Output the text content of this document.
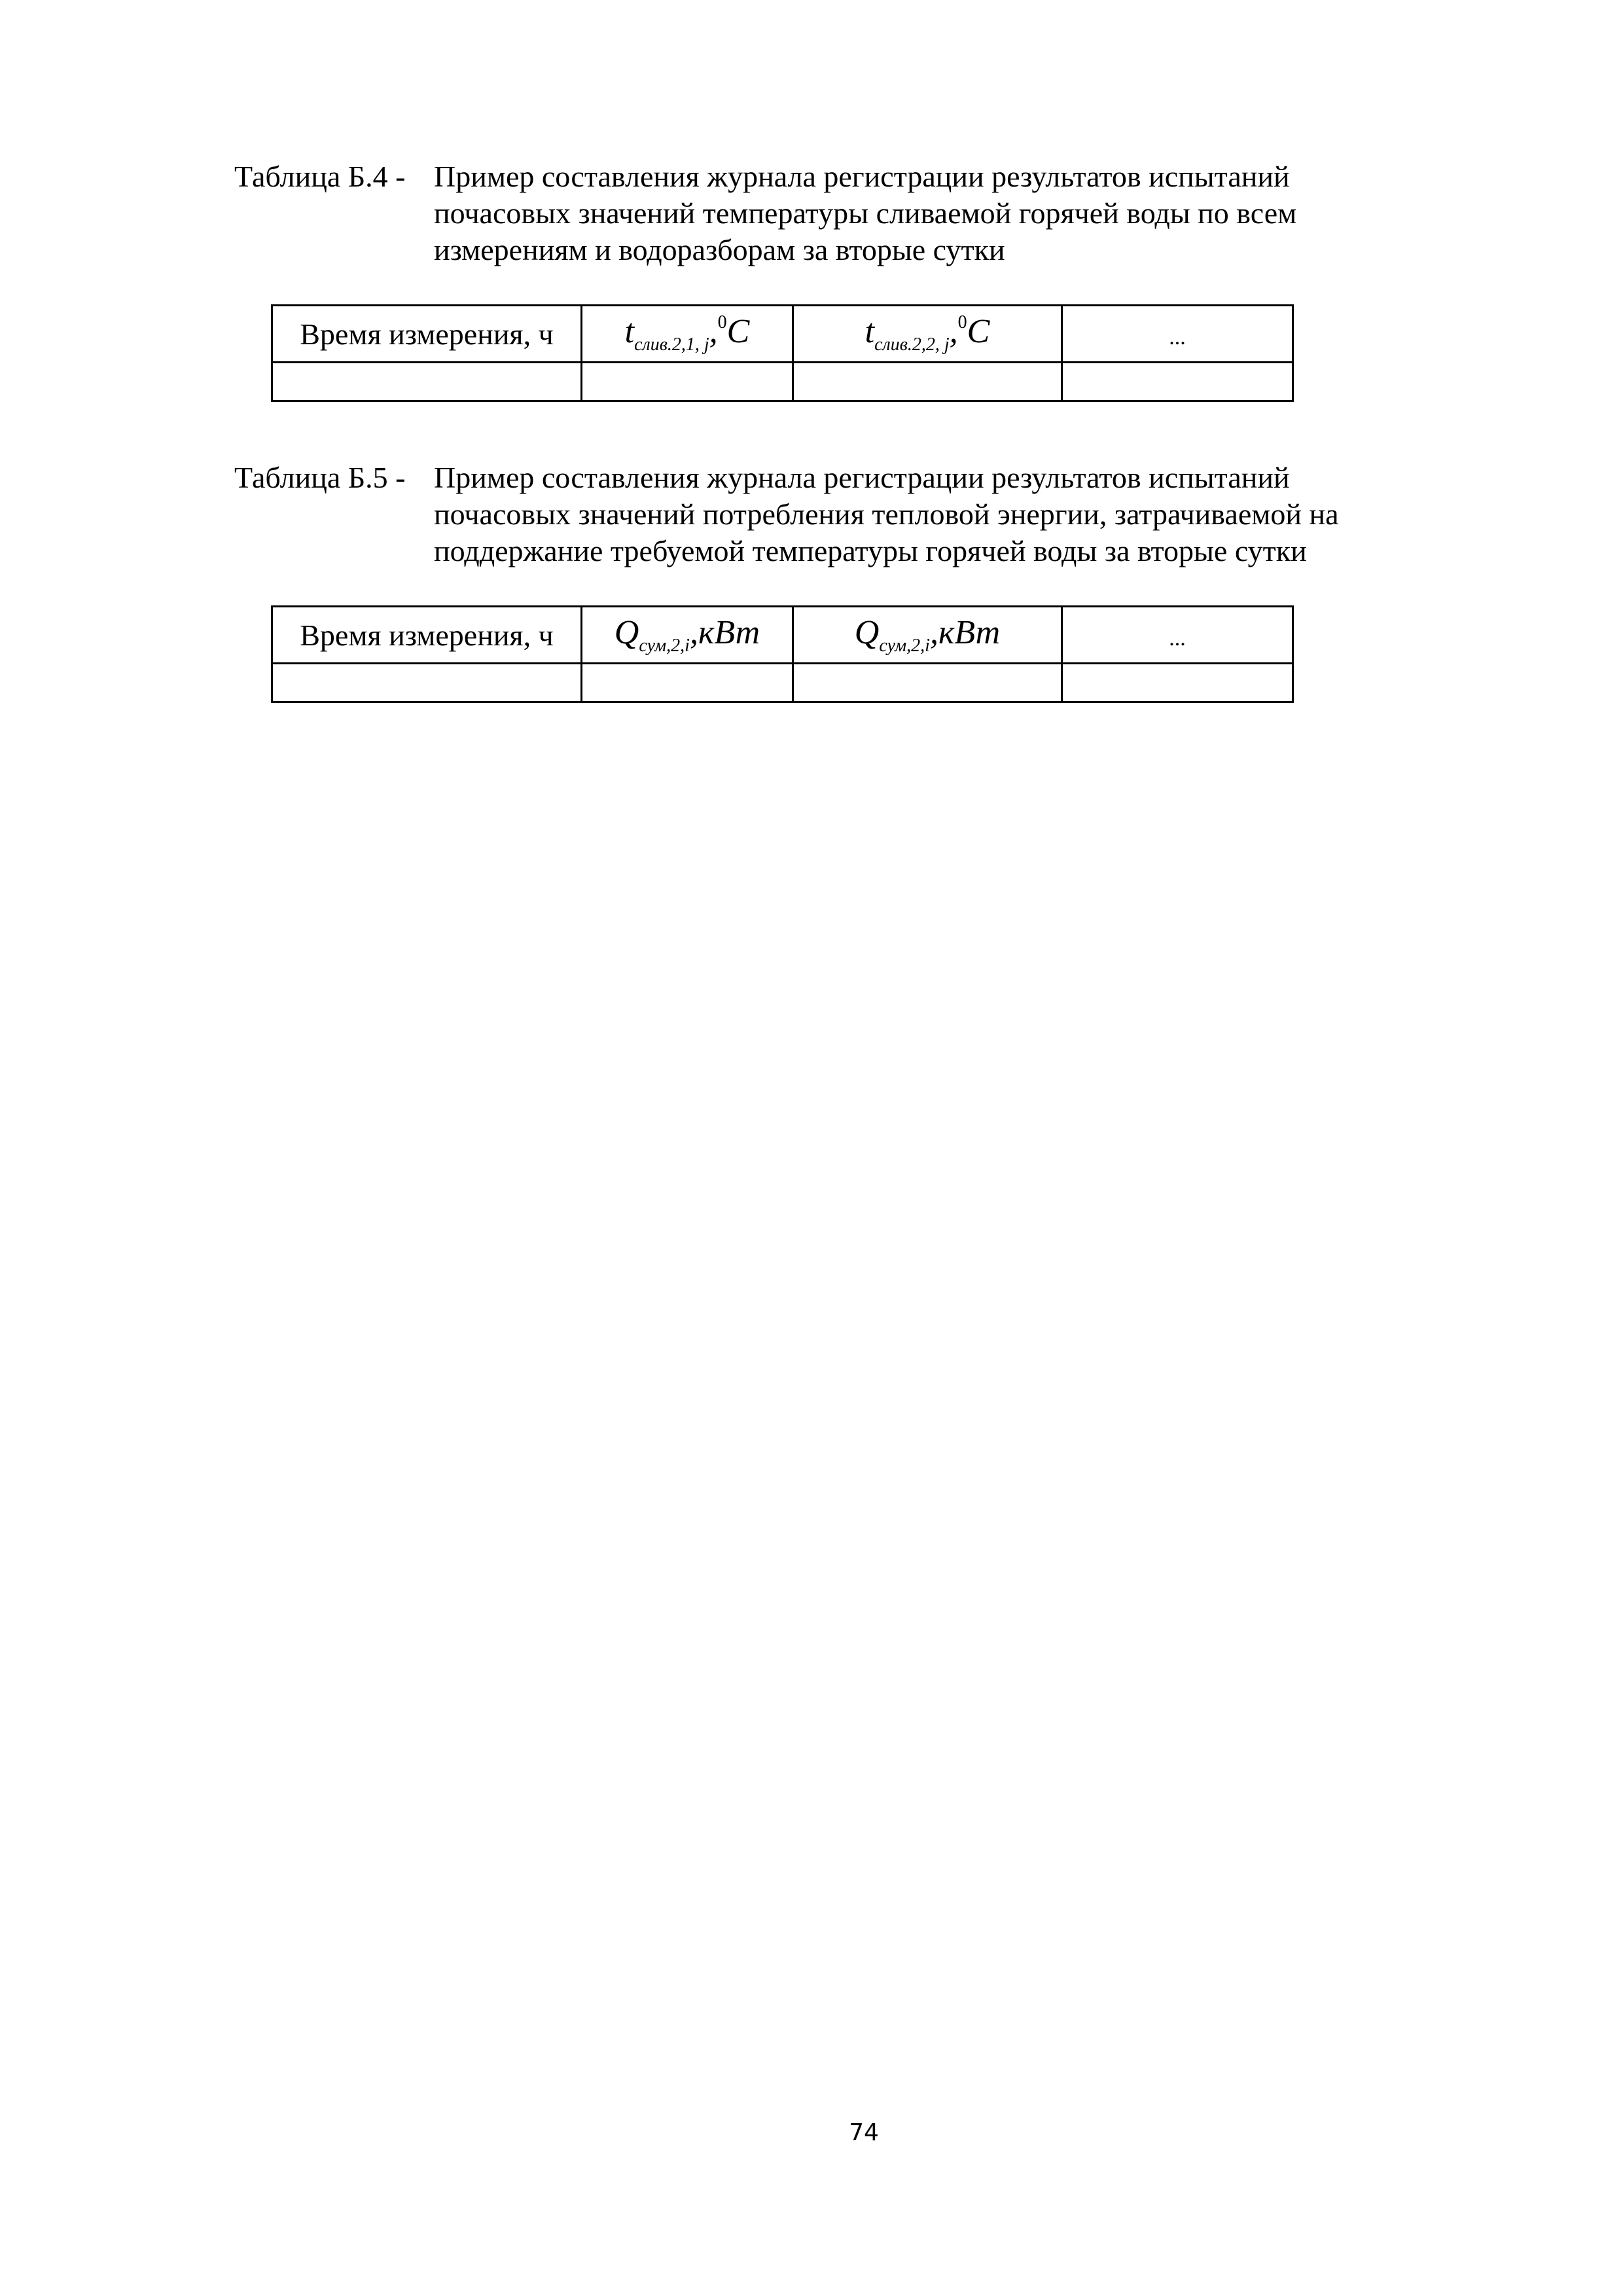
Таблица Б.4 - Пример составления журнала регистрации результатов испытаний
почасовых значений температуры сливаемой горячей воды по всем
измерениям и водоразборам за вторые сутки
Время измерения, ч	$t_{слив.2,1, j},^0C$	$t_{слив.2,2, j},^0C$	...

Таблица Б.5 - Пример составления журнала регистрации результатов испытаний
почасовых значений потребления тепловой энергии, затрачиваемой на
поддержание требуемой температуры горячей воды за вторые сутки
Время измерения, ч	$Q_{сум,2,i},кВт$	$Q_{сум,2,i},кВт$	...

74
